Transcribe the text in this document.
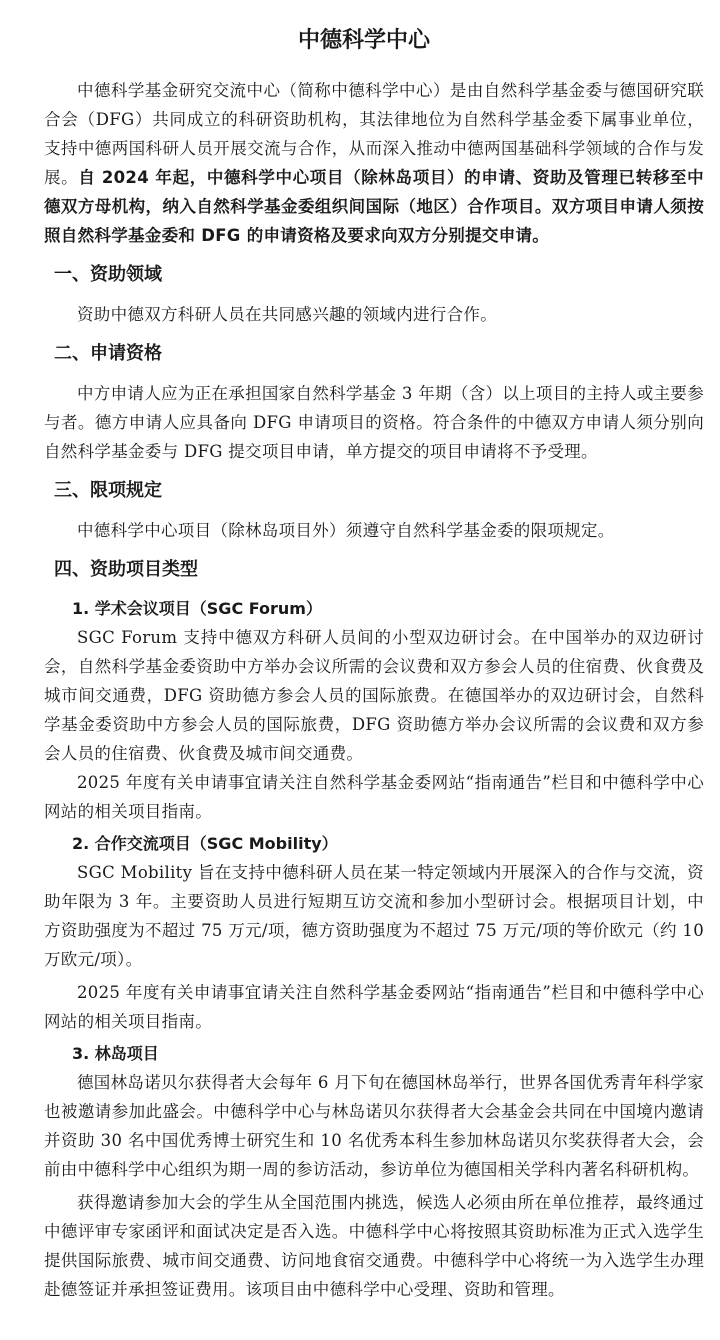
中德科学中心

中德科学基金研究交流中心（简称中德科学中心）是由自然科学基金委与德国研究联合会（DFG）共同成立的科研资助机构，其法律地位为自然科学基金委下属事业单位，支持中德两国科研人员开展交流与合作，从而深入推动中德两国基础科学领域的合作与发展。自 2024 年起，中德科学中心项目（除林岛项目）的申请、资助及管理已转移至中德双方母机构，纳入自然科学基金委组织间国际（地区）合作项目。双方项目申请人须按照自然科学基金委和 DFG 的申请资格及要求向双方分别提交申请。

一、资助领域

资助中德双方科研人员在共同感兴趣的领域内进行合作。

二、申请资格

中方申请人应为正在承担国家自然科学基金 3 年期（含）以上项目的主持人或主要参与者。德方申请人应具备向 DFG 申请项目的资格。符合条件的中德双方申请人须分别向自然科学基金委与 DFG 提交项目申请，单方提交的项目申请将不予受理。

三、限项规定

中德科学中心项目（除林岛项目外）须遵守自然科学基金委的限项规定。

四、资助项目类型
1. 学术会议项目（SGC Forum）

SGC Forum 支持中德双方科研人员间的小型双边研讨会。在中国举办的双边研讨会，自然科学基金委资助中方举办会议所需的会议费和双方参会人员的住宿费、伙食费及城市间交通费，DFG 资助德方参会人员的国际旅费。在德国举办的双边研讨会，自然科学基金委资助中方参会人员的国际旅费，DFG 资助德方举办会议所需的会议费和双方参会人员的住宿费、伙食费及城市间交通费。

2025 年度有关申请事宜请关注自然科学基金委网站“指南通告”栏目和中德科学中心网站的相关项目指南。

2. 合作交流项目（SGC Mobility）

SGC Mobility 旨在支持中德科研人员在某一特定领域内开展深入的合作与交流，资助年限为 3 年。主要资助人员进行短期互访交流和参加小型研讨会。根据项目计划，中方资助强度为不超过 75 万元/项，德方资助强度为不超过 75 万元/项的等价欧元（约 10 万欧元/项）。

2025 年度有关申请事宜请关注自然科学基金委网站“指南通告”栏目和中德科学中心网站的相关项目指南。

3. 林岛项目

德国林岛诺贝尔获得者大会每年 6 月下旬在德国林岛举行，世界各国优秀青年科学家也被邀请参加此盛会。中德科学中心与林岛诺贝尔获得者大会基金会共同在中国境内邀请并资助 30 名中国优秀博士研究生和 10 名优秀本科生参加林岛诺贝尔奖获得者大会，会前由中德科学中心组织为期一周的参访活动，参访单位为德国相关学科内著名科研机构。

获得邀请参加大会的学生从全国范围内挑选，候选人必须由所在单位推荐，最终通过中德评审专家函评和面试决定是否入选。中德科学中心将按照其资助标准为正式入选学生提供国际旅费、城市间交通费、访问地食宿交通费。中德科学中心将统一为入选学生办理赴德签证并承担签证费用。该项目由中德科学中心受理、资助和管理。
